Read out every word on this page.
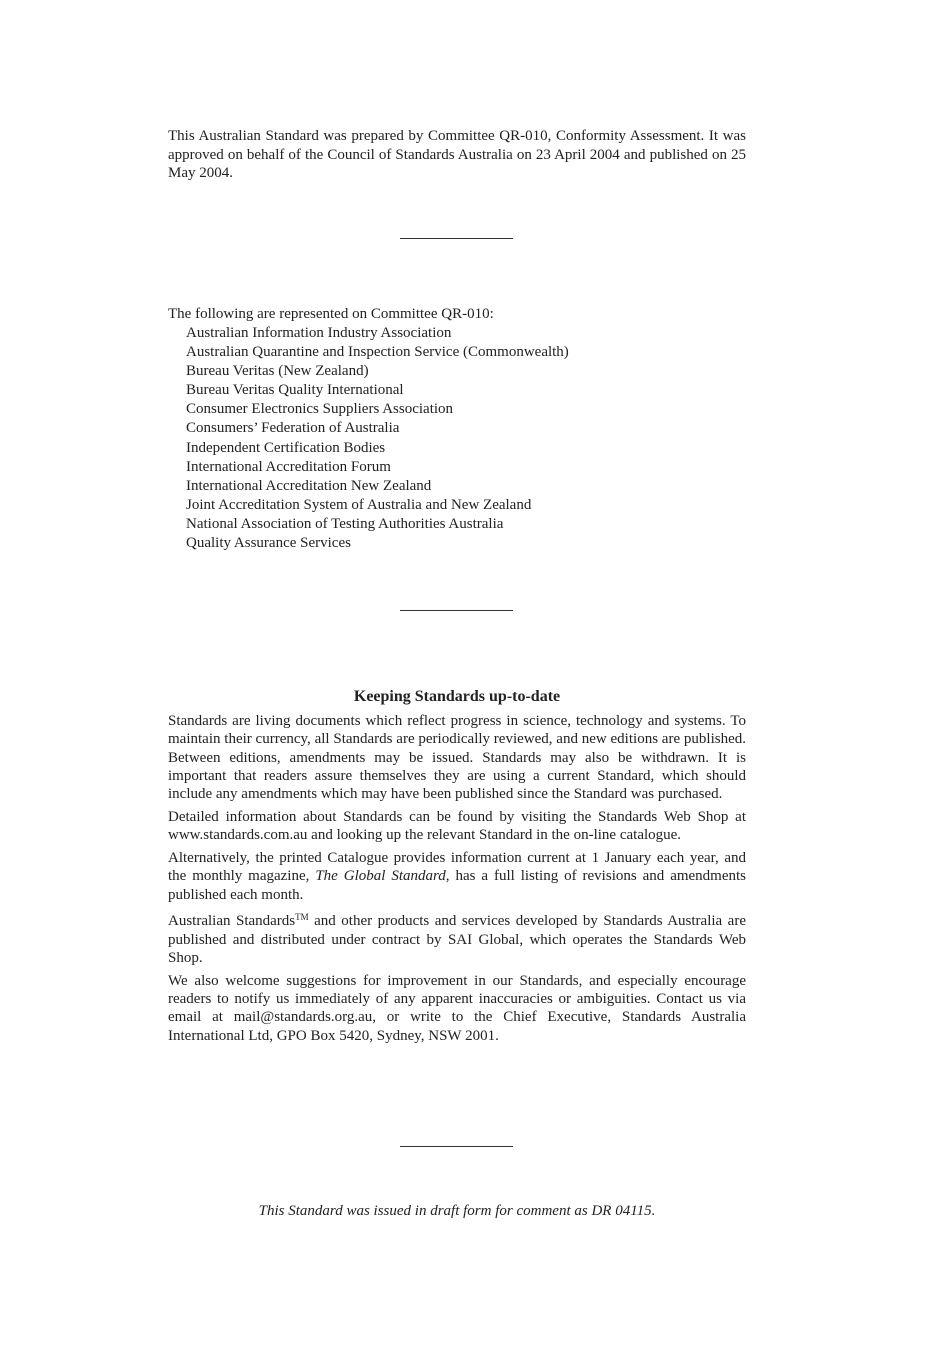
This Australian Standard was prepared by Committee QR-010, Conformity Assessment. It was approved on behalf of the Council of Standards Australia on 23 April 2004 and published on 25 May 2004.

The following are represented on Committee QR-010:

Australian Information Industry Association
Australian Quarantine and Inspection Service (Commonwealth)
Bureau Veritas (New Zealand)
Bureau Veritas Quality International
Consumer Electronics Suppliers Association
Consumers’ Federation of Australia
Independent Certification Bodies
International Accreditation Forum
International Accreditation New Zealand
Joint Accreditation System of Australia and New Zealand
National Association of Testing Authorities Australia
Quality Assurance Services
Keeping Standards up-to-date

Standards are living documents which reflect progress in science, technology and systems. To maintain their currency, all Standards are periodically reviewed, and new editions are published. Between editions, amendments may be issued. Standards may also be withdrawn. It is important that readers assure themselves they are using a current Standard, which should include any amendments which may have been published since the Standard was purchased.

Detailed information about Standards can be found by visiting the Standards Web Shop at www.standards.com.au and looking up the relevant Standard in the on-line catalogue.

Alternatively, the printed Catalogue provides information current at 1 January each year, and the monthly magazine, The Global Standard, has a full listing of revisions and amendments published each month.

Australian Standards™ and other products and services developed by Standards Australia are published and distributed under contract by SAI Global, which operates the Standards Web Shop.

We also welcome suggestions for improvement in our Standards, and especially encourage readers to notify us immediately of any apparent inaccuracies or ambiguities. Contact us via email at mail@standards.org.au, or write to the Chief Executive, Standards Australia International Ltd, GPO Box 5420, Sydney, NSW 2001.

This Standard was issued in draft form for comment as DR 04115.
